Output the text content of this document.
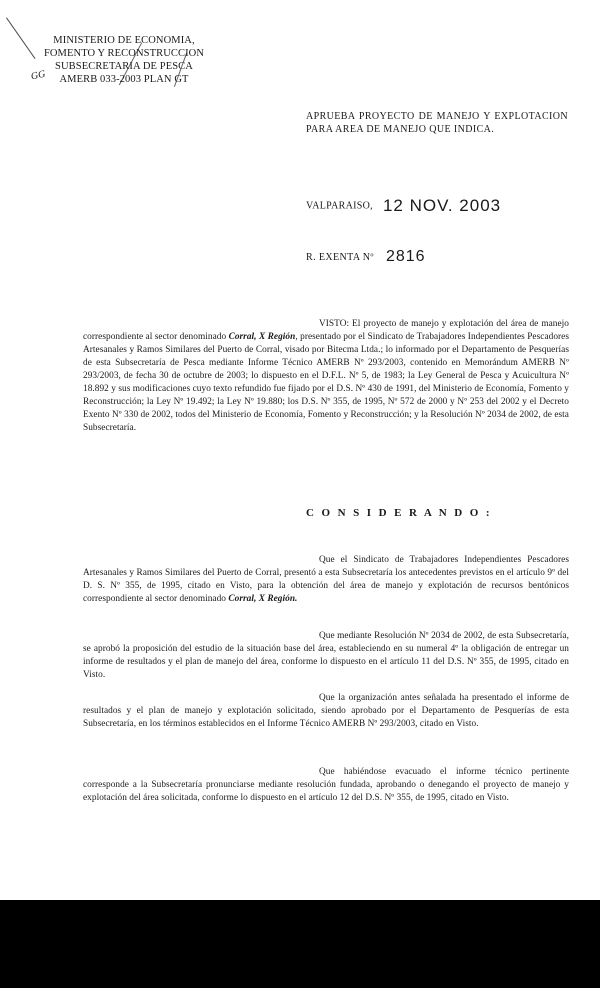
MINISTERIO DE ECONOMIA,
FOMENTO Y RECONSTRUCCION
SUBSECRETARIA DE PESCA
AMERB 033-2003 PLAN GT
GG
APRUEBA PROYECTO DE MANEJO Y EXPLOTACION PARA AREA DE MANEJO QUE INDICA.
VALPARAISO, 12 NOV. 2003
R. EXENTA Nº 2816
VISTO: El proyecto de manejo y explotación del área de manejo correspondiente al sector denominado Corral, X Región, presentado por el Sindicato de Trabajadores Independientes Pescadores Artesanales y Ramos Similares del Puerto de Corral, visado por Bitecma Ltda.; lo informado por el Departamento de Pesquerías de esta Subsecretaría de Pesca mediante Informe Técnico AMERB Nº 293/2003, contenido en Memorándum AMERB Nº 293/2003, de fecha 30 de octubre de 2003; lo dispuesto en el D.F.L. Nº 5, de 1983; la Ley General de Pesca y Acuicultura Nº 18.892 y sus modificaciones cuyo texto refundido fue fijado por el D.S. Nº 430 de 1991, del Ministerio de Economía, Fomento y Reconstrucción; la Ley Nº 19.492; la Ley Nº 19.880; los D.S. Nº 355, de 1995, Nº 572 de 2000 y Nº 253 del 2002 y el Decreto Exento Nº 330 de 2002, todos del Ministerio de Economía, Fomento y Reconstrucción; y la Resolución Nº 2034 de 2002, de esta Subsecretaría.
C O N S I D E R A N D O :
Que el Sindicato de Trabajadores Independientes Pescadores Artesanales y Ramos Similares del Puerto de Corral, presentó a esta Subsecretaría los antecedentes previstos en el artículo 9º del D. S. Nº 355, de 1995, citado en Visto, para la obtención del área de manejo y explotación de recursos bentónicos correspondiente al sector denominado Corral, X Región.
Que mediante Resolución Nº 2034 de 2002, de esta Subsecretaría, se aprobó la proposición del estudio de la situación base del área, estableciendo en su numeral 4º la obligación de entregar un informe de resultados y el plan de manejo del área, conforme lo dispuesto en el artículo 11 del D.S. Nº 355, de 1995, citado en Visto.
Que la organización antes señalada ha presentado el informe de resultados y el plan de manejo y explotación solicitado, siendo aprobado por el Departamento de Pesquerías de esta Subsecretaría, en los términos establecidos en el Informe Técnico AMERB Nº 293/2003, citado en Visto.
Que habiéndose evacuado el informe técnico pertinente corresponde a la Subsecretaría pronunciarse mediante resolución fundada, aprobando o denegando el proyecto de manejo y explotación del área solicitada, conforme lo dispuesto en el artículo 12 del D.S. Nº 355, de 1995, citado en Visto.
